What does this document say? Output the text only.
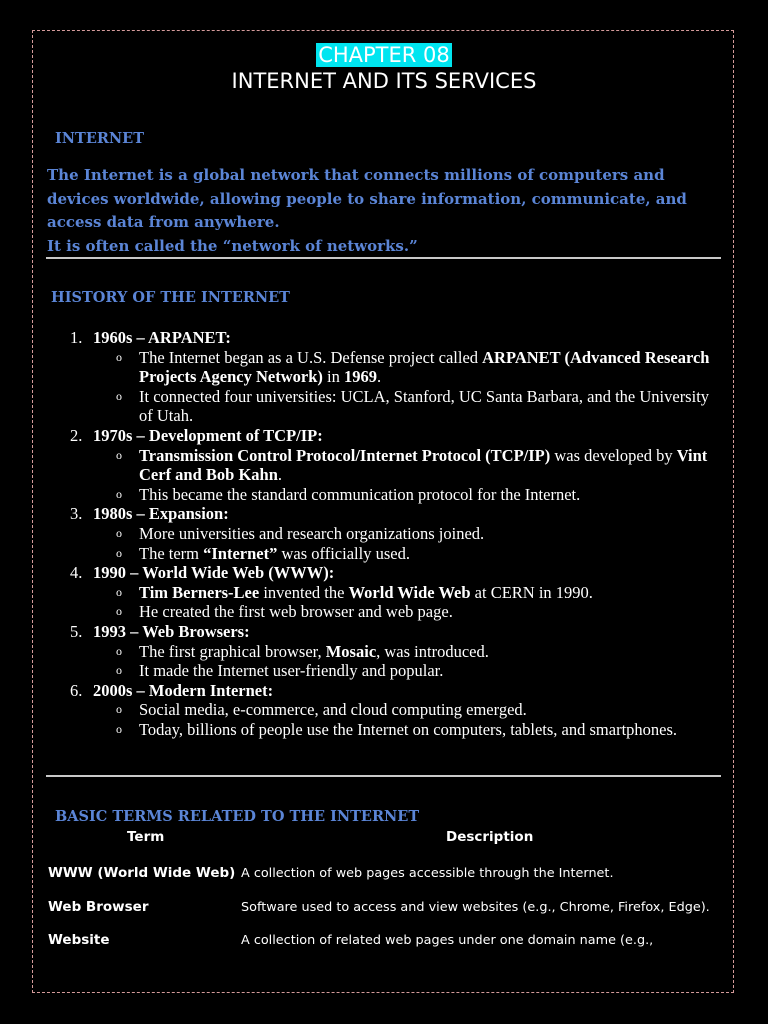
CHAPTER 08
INTERNET AND ITS SERVICES
INTERNET

The Internet is a global network that connects millions of computers and devices worldwide, allowing people to share information, communicate, and access data from anywhere.

It is often called the “network of networks.”

HISTORY OF THE INTERNET
1. 1960s – ARPANET:
o	The Internet began as a U.S. Defense project called ARPANET (Advanced Research Projects Agency Network) in 1969.
o	It connected four universities: UCLA, Stanford, UC Santa Barbara, and the University of Utah.
2. 1970s – Development of TCP/IP:
o	Transmission Control Protocol/Internet Protocol (TCP/IP) was developed by Vint Cerf and Bob Kahn.
o	This became the standard communication protocol for the Internet.
3. 1980s – Expansion:
o	More universities and research organizations joined.
o	The term “Internet” was officially used.
4. 1990 – World Wide Web (WWW):
o	Tim Berners-Lee invented the World Wide Web at CERN in 1990.
o	He created the first web browser and web page.
5. 1993 – Web Browsers:
o	The first graphical browser, Mosaic, was introduced.
o	It made the Internet user-friendly and popular.
6. 2000s – Modern Internet:
o	Social media, e-commerce, and cloud computing emerged.
o	Today, billions of people use the Internet on computers, tablets, and smartphones.
BASIC TERMS RELATED TO THE INTERNET
Term	Description
WWW (World Wide Web) A collection of web pages accessible through the Internet.
Web Browser	Software used to access and view websites (e.g., Chrome, Firefox, Edge).
Website	A collection of related web pages under one domain name (e.g.,
